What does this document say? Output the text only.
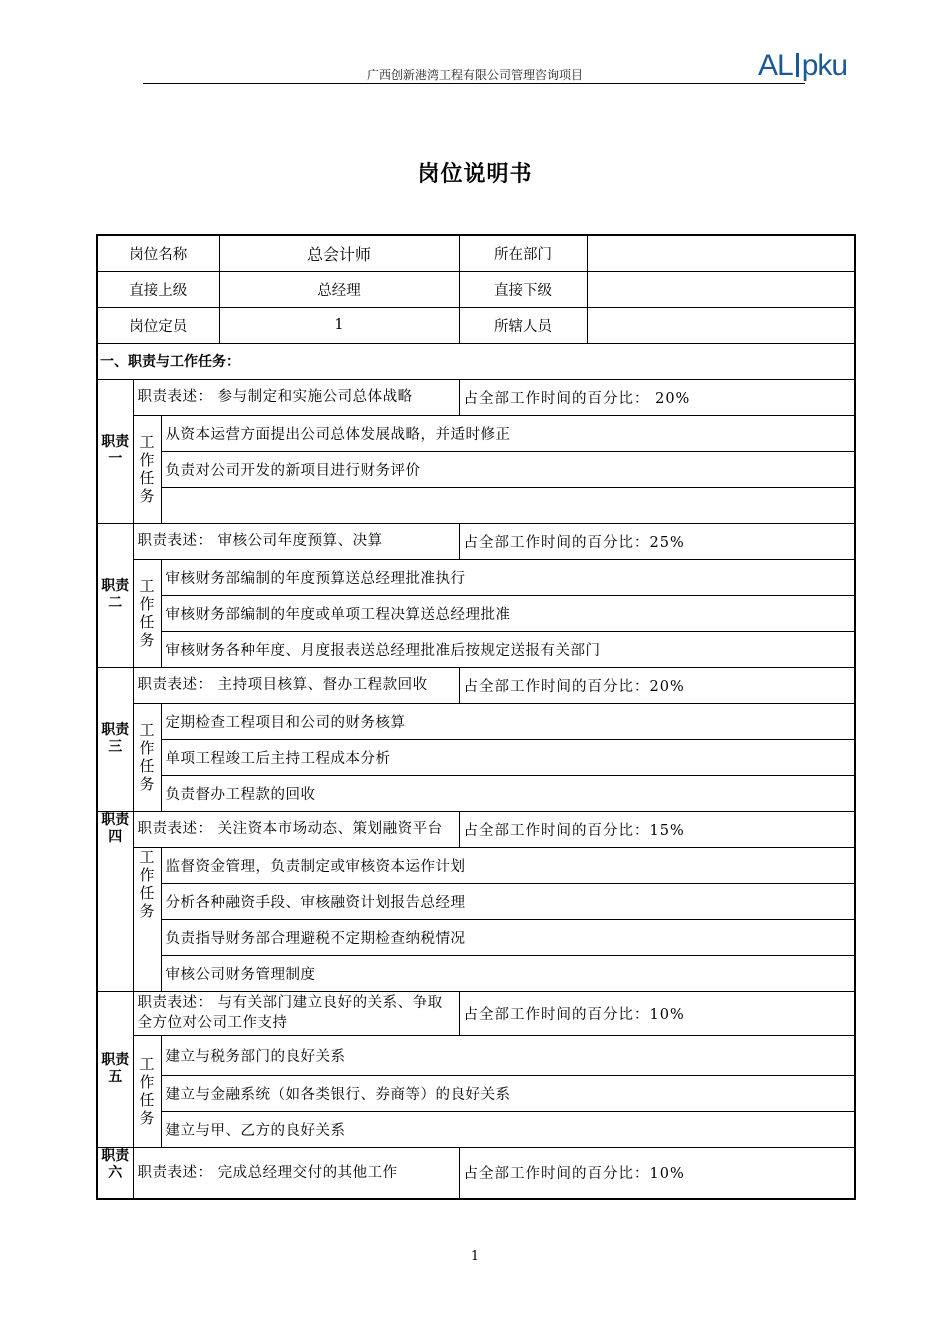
广西创新港湾工程有限公司管理咨询项目	AL pku
岗位说明书
岗位名称			总会计师	所在部门	
直接上级			总经理	直接下级	
岗位定员			1	所辖人员	
一、职责与工作任务：					
职责一	职责表述： 参与制定和实施公司总体战略			占全部工作时间的百分比： 20%	
	工作任务	从资本运营方面提出公司总体发展战略，并适时修正			
		负责对公司开发的新项目进行财务评价			

职责二	职责表述： 审核公司年度预算、决算			占全部工作时间的百分比：25%	
	工作任务	审核财务部编制的年度预算送总经理批准执行			
		审核财务部编制的年度或单项工程决算送总经理批准			
		审核财务各种年度、月度报表送总经理批准后按规定送报有关部门			
职责三	职责表述： 主持项目核算、督办工程款回收			占全部工作时间的百分比：20%	
	工作任务	定期检查工程项目和公司的财务核算			
		单项工程竣工后主持工程成本分析			
		负责督办工程款的回收			
职责四	职责表述： 关注资本市场动态、策划融资平台			占全部工作时间的百分比：15%	
	工作任务	监督资金管理，负责制定或审核资本运作计划			
		分析各种融资手段、审核融资计划报告总经理			
		负责指导财务部合理避税不定期检查纳税情况			
		审核公司财务管理制度			
职责五	职责表述： 与有关部门建立良好的关系、争取全方位对公司工作支持			占全部工作时间的百分比：10%	
	工作任务	建立与税务部门的良好关系			
		建立与金融系统（如各类银行、券商等）的良好关系			
		建立与甲、乙方的良好关系			
职责六	职责表述： 完成总经理交付的其他工作			占全部工作时间的百分比：10%	
1
